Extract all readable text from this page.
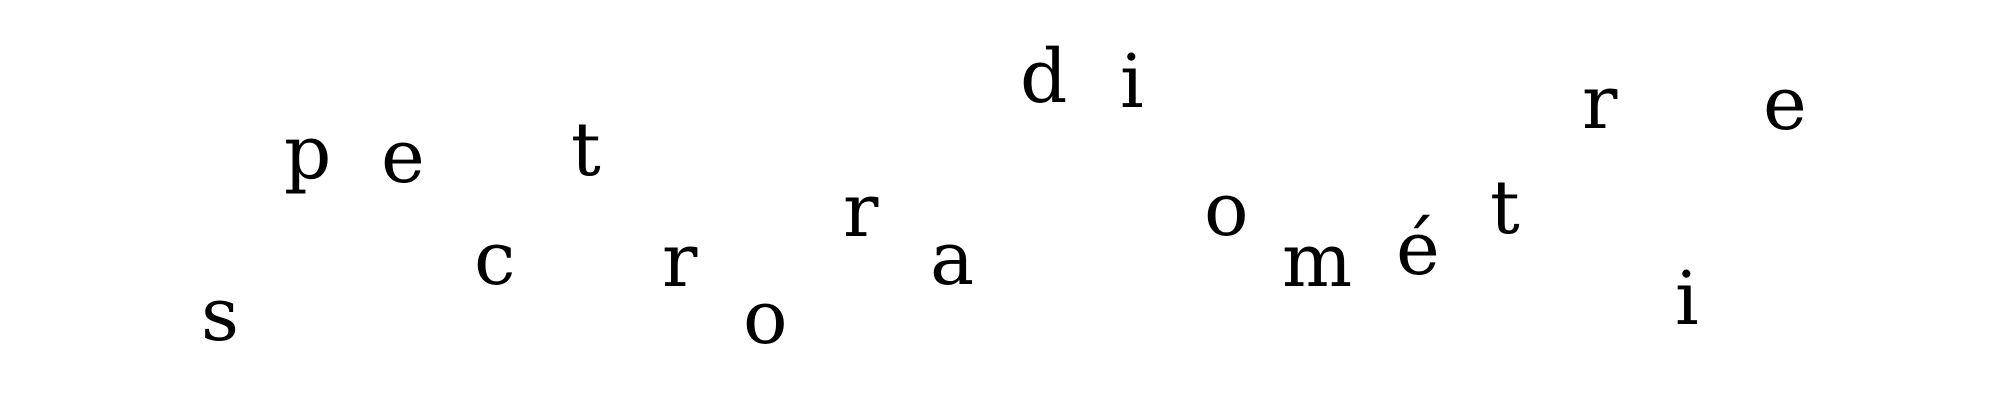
s
p e
c
t
r
o
r
a
d i
o
m é t
r
i
e
